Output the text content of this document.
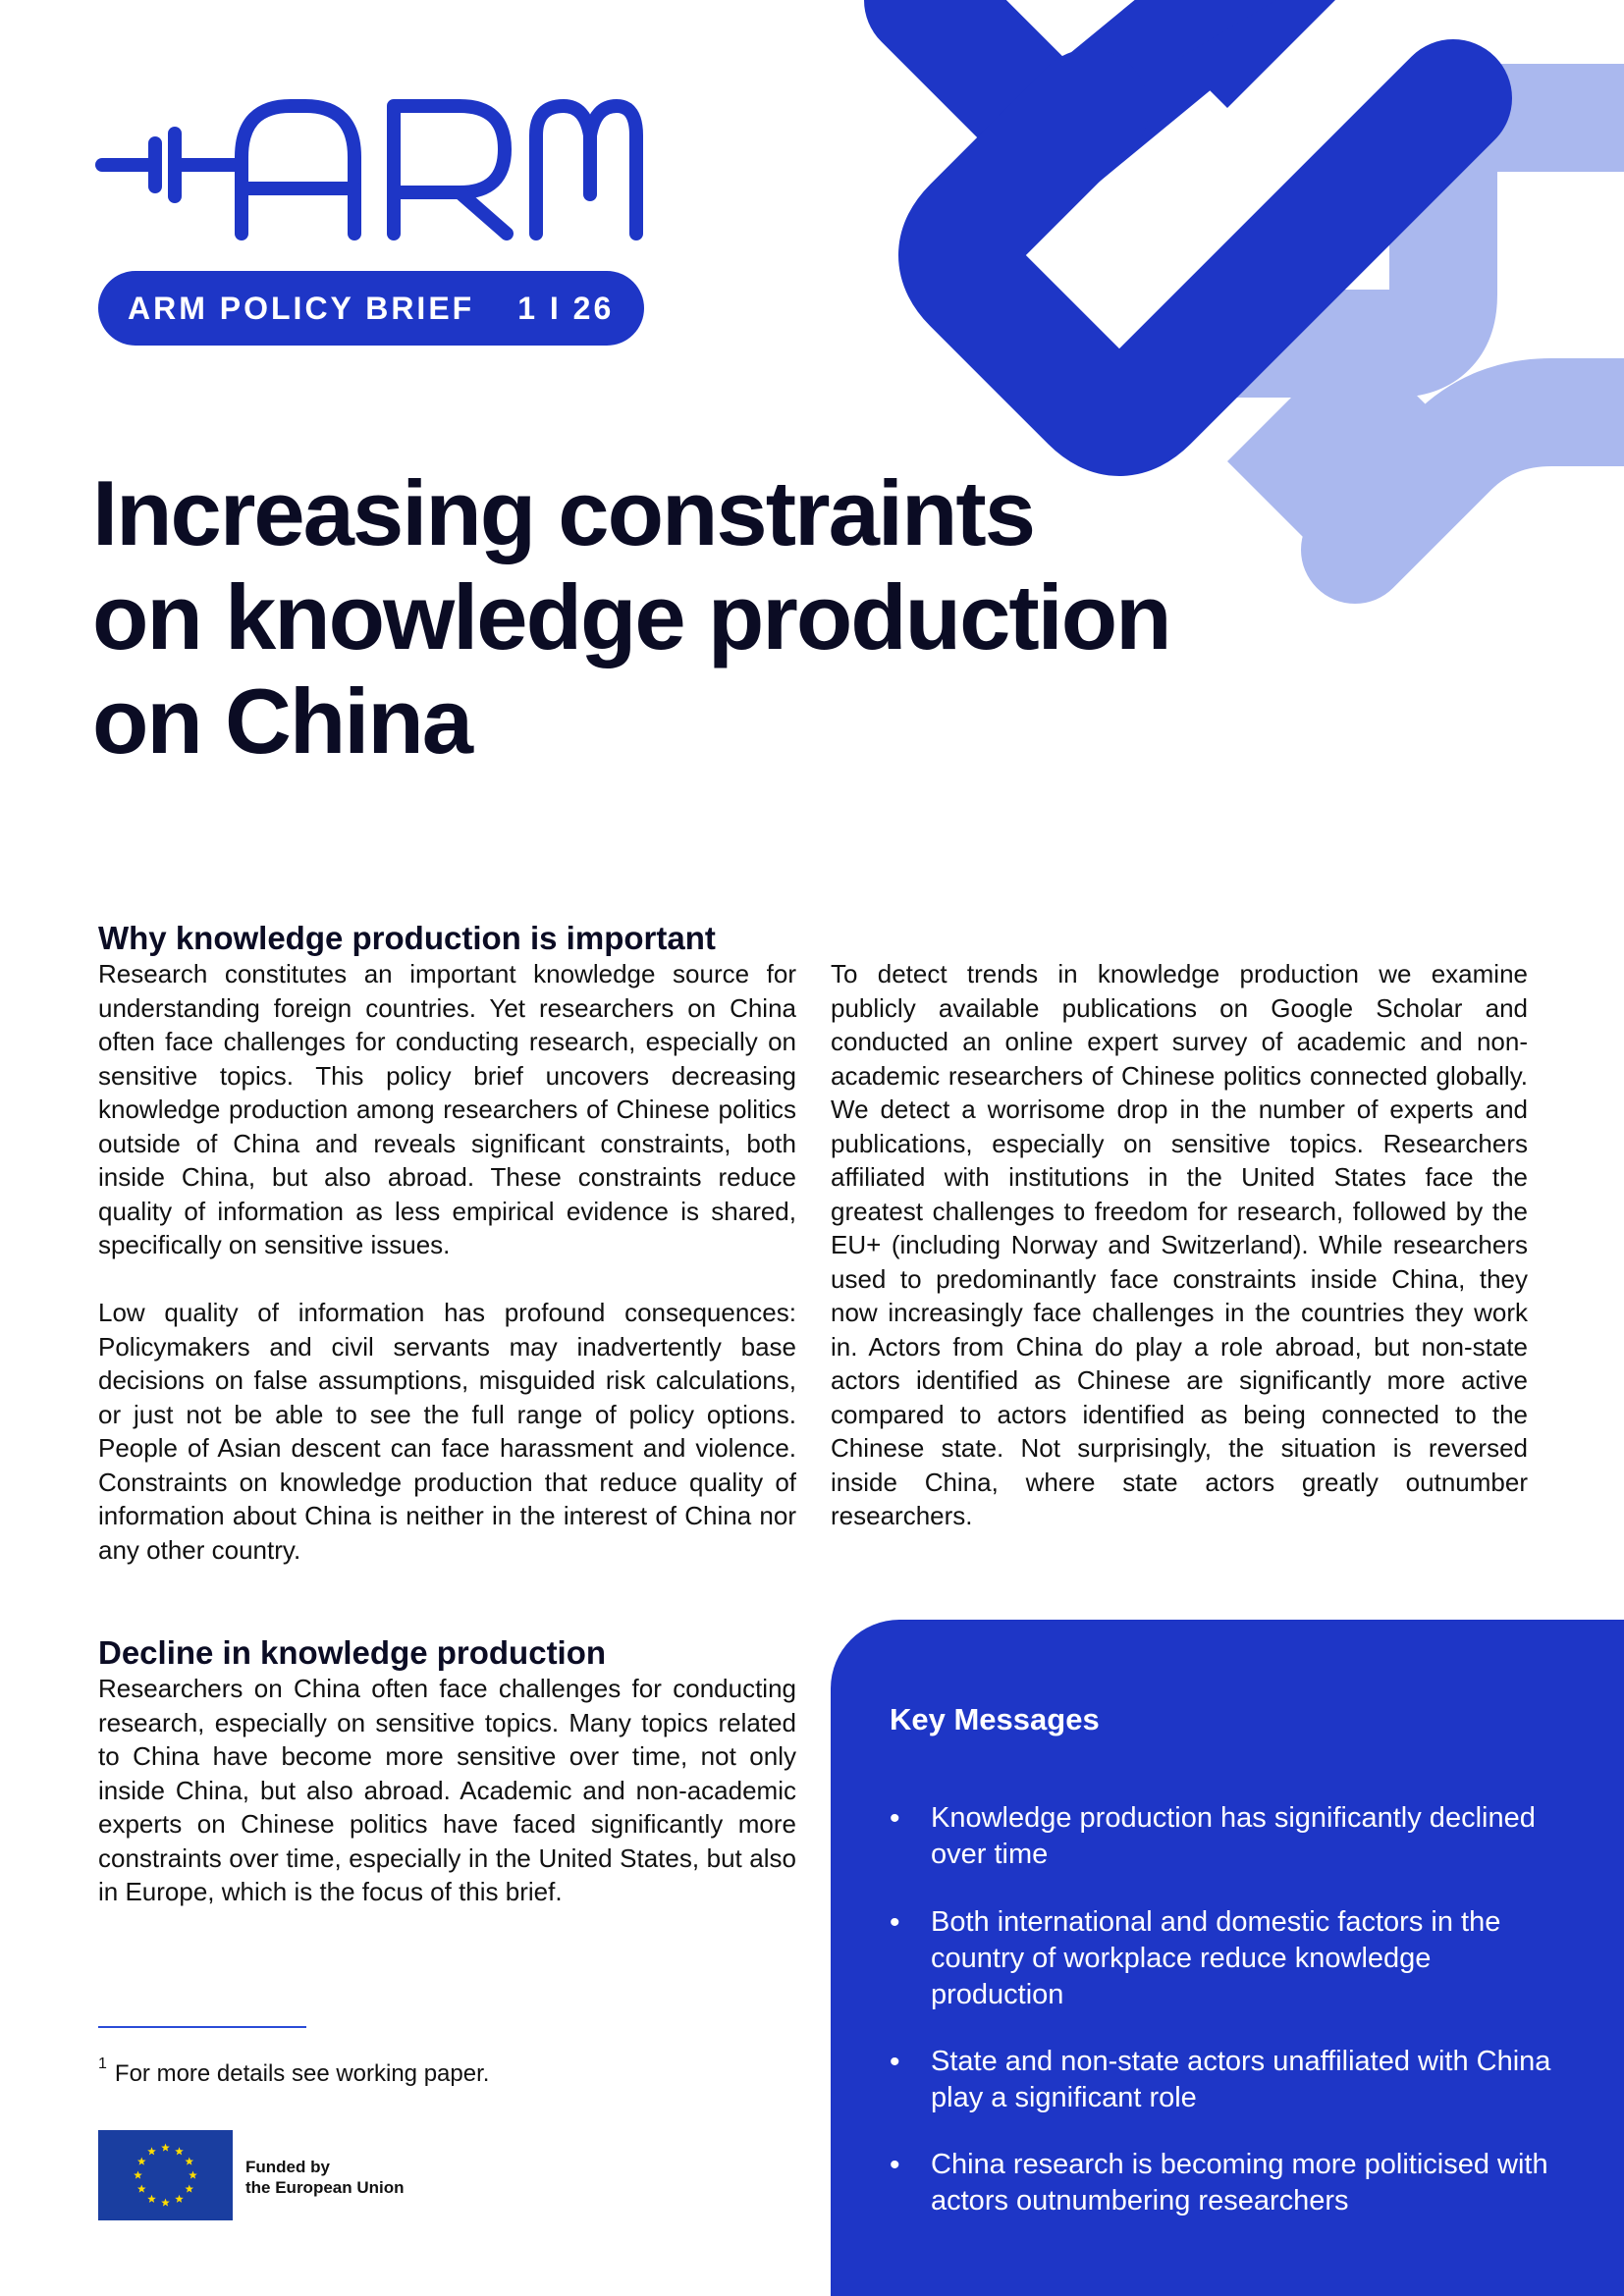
ARM POLICY BRIEF 1 I 26
Increasing constraints
on knowledge production
on China
Why knowledge production is important
Research constitutes an important knowledge source for understanding foreign countries. Yet researchers on China often face challenges for conducting research, especially on sensitive topics. This policy brief uncovers decreasing knowledge production among researchers of Chinese politics outside of China and reveals significant constraints, both inside China, but also abroad. These constraints reduce quality of information as less empirical evidence is shared, specifically on sensitive issues.
Low quality of information has profound consequences: Policymakers and civil servants may inadvertently base decisions on false assumptions, misguided risk calculations, or just not be able to see the full range of policy options. People of Asian descent can face harassment and violence. Constraints on knowledge production that reduce quality of information about China is neither in the interest of China nor any other country.
To detect trends in knowledge production we examine publicly available publications on Google Scholar and conducted an online expert survey of academic and non-academic researchers of Chinese politics connected globally. We detect a worrisome drop in the number of experts and publications, especially on sensitive topics. Researchers affiliated with institutions in the United States face the greatest challenges to freedom for research, followed by the EU+ (including Norway and Switzerland). While researchers used to predominantly face constraints inside China, they now increasingly face challenges in the countries they work in. Actors from China do play a role abroad, but non-state actors identified as Chinese are significantly more active compared to actors identified as being connected to the Chinese state. Not surprisingly, the situation is reversed inside China, where state actors greatly outnumber researchers.
Decline in knowledge production
Researchers on China often face challenges for conducting research, especially on sensitive topics. Many topics related to China have become more sensitive over time, not only inside China, but also abroad. Academic and non-academic experts on Chinese politics have faced significantly more constraints over time, especially in the United States, but also in Europe, which is the focus of this brief.
$^1$ For more details see working paper.
Funded by
the European Union
Key Messages
• Knowledge production has significantly declined over time
• Both international and domestic factors in the country of workplace reduce knowledge production
• State and non-state actors unaffiliated with China play a significant role
• China research is becoming more politicised with actors outnumbering researchers
